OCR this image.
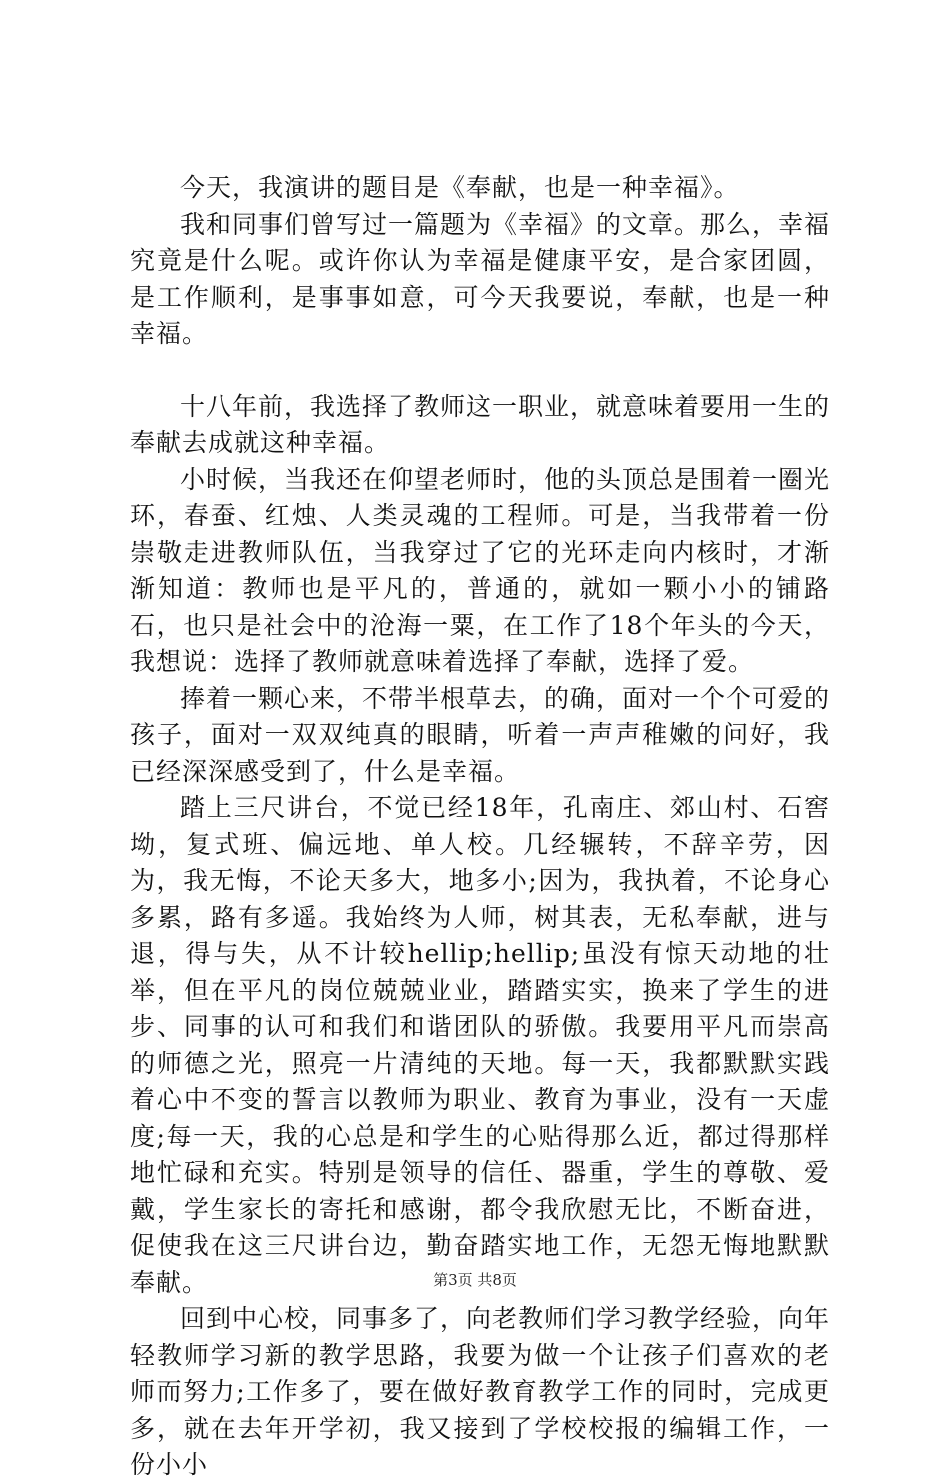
今天，我演讲的题目是《奉献，也是一种幸福》。

我和同事们曾写过一篇题为《幸福》的文章。那么，幸福究竟是什么呢。或许你认为幸福是健康平安，是合家团圆，是工作顺利，是事事如意，可今天我要说，奉献，也是一种幸福。

十八年前，我选择了教师这一职业，就意味着要用一生的奉献去成就这种幸福。

小时候，当我还在仰望老师时，他的头顶总是围着一圈光环，春蚕、红烛、人类灵魂的工程师。可是，当我带着一份崇敬走进教师队伍，当我穿过了它的光环走向内核时，才渐渐知道：教师也是平凡的，普通的，就如一颗小小的铺路石，也只是社会中的沧海一粟，在工作了18个年头的今天，我想说：选择了教师就意味着选择了奉献，选择了爱。

捧着一颗心来，不带半根草去，的确，面对一个个可爱的孩子，面对一双双纯真的眼睛，听着一声声稚嫩的问好，我已经深深感受到了，什么是幸福。

踏上三尺讲台，不觉已经18年，孔南庄、郊山村、石窖坳，复式班、偏远地、单人校。几经辗转，不辞辛劳，因为，我无悔，不论天多大，地多小;因为，我执着，不论身心多累，路有多遥。我始终为人师，树其表，无私奉献，进与退，得与失，从不计较hellip;hellip;虽没有惊天动地的壮举，但在平凡的岗位兢兢业业，踏踏实实，换来了学生的进步、同事的认可和我们和谐团队的骄傲。我要用平凡而崇高的师德之光，照亮一片清纯的天地。每一天，我都默默实践着心中不变的誓言以教师为职业、教育为事业，没有一天虚度;每一天，我的心总是和学生的心贴得那么近，都过得那样地忙碌和充实。特别是领导的信任、器重，学生的尊敬、爱戴，学生家长的寄托和感谢，都令我欣慰无比，不断奋进，促使我在这三尺讲台边，勤奋踏实地工作，无怨无悔地默默奉献。

回到中心校，同事多了，向老教师们学习教学经验，向年轻教师学习新的教学思路，我要为做一个让孩子们喜欢的老师而努力;工作多了，要在做好教育教学工作的同时，完成更多，就在去年开学初，我又接到了学校校报的编辑工作，一份小小

第3页 共8页
